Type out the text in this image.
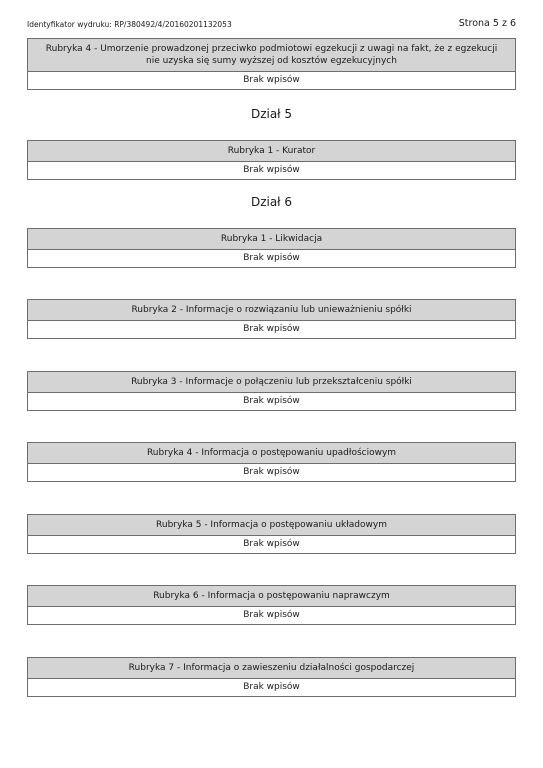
Identyfikator wydruku: RP/380492/4/20160201132053	Strona 5 z 6
Rubryka 4 - Umorzenie prowadzonej przeciwko podmiotowi egzekucji z uwagi na fakt, że z egzekucji nie uzyska się sumy wyższej od kosztów egzekucyjnych
Brak wpisów
Dział 5
Rubryka 1 - Kurator
Brak wpisów
Dział 6
Rubryka 1 - Likwidacja
Brak wpisów
Rubryka 2 - Informacje o rozwiązaniu lub unieważnieniu spółki
Brak wpisów
Rubryka 3 - Informacje o połączeniu lub przekształceniu spółki
Brak wpisów
Rubryka 4 - Informacja o postępowaniu upadłościowym
Brak wpisów
Rubryka 5 - Informacja o postępowaniu układowym
Brak wpisów
Rubryka 6 - Informacja o postępowaniu naprawczym
Brak wpisów
Rubryka 7 - Informacja o zawieszeniu działalności gospodarczej
Brak wpisów
